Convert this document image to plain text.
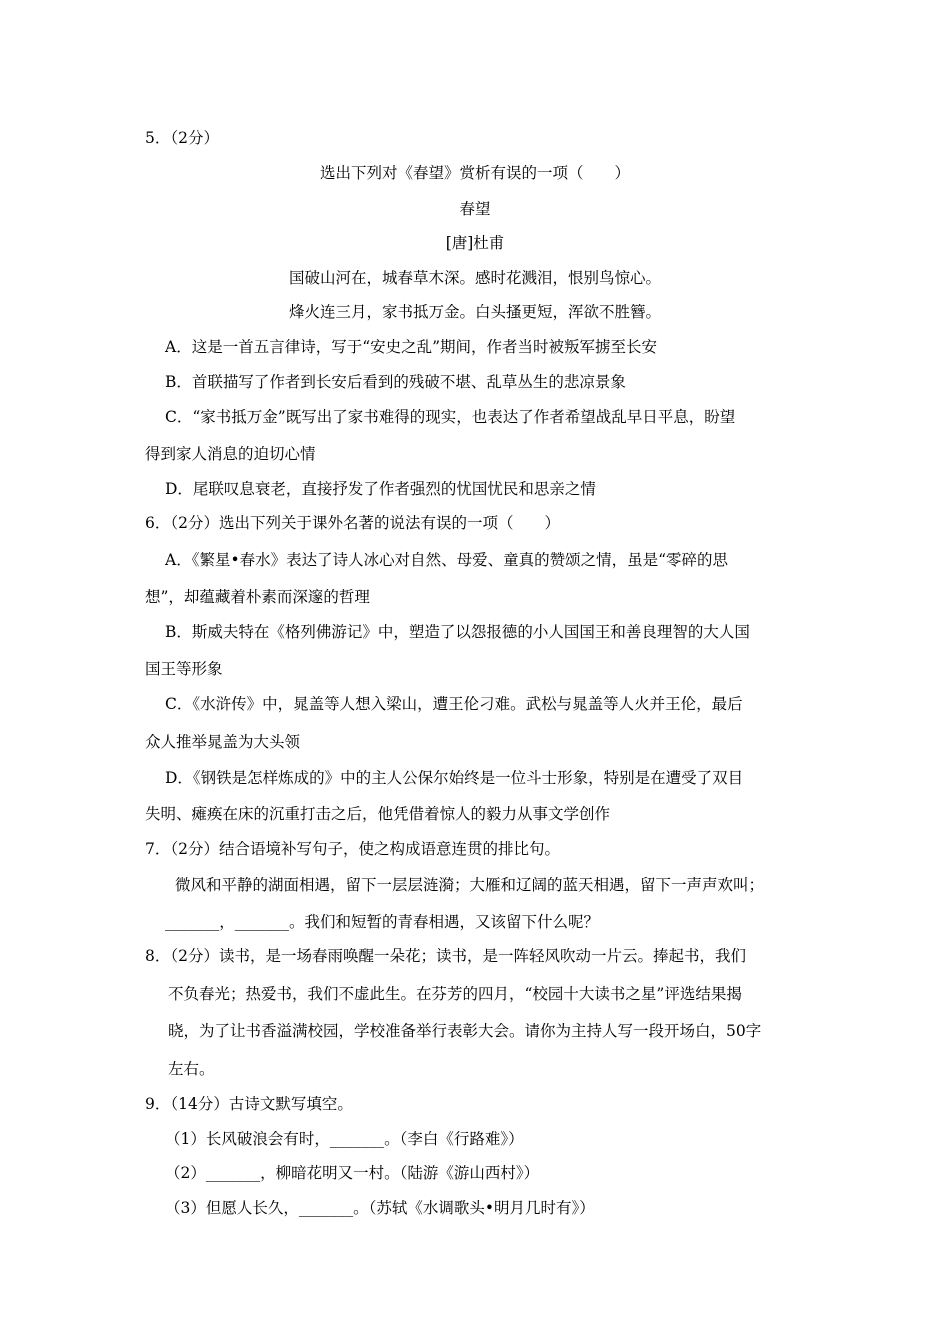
5．（2分）
选出下列对《春望》赏析有误的一项（　　）
春望
[唐]杜甫
国破山河在，城春草木深。感时花溅泪，恨别鸟惊心。
烽火连三月，家书抵万金。白头搔更短，浑欲不胜簪。
A．这是一首五言律诗，写于“安史之乱”期间，作者当时被叛军掳至长安
B．首联描写了作者到长安后看到的残破不堪、乱草丛生的悲凉景象
C．“家书抵万金”既写出了家书难得的现实，也表达了作者希望战乱早日平息，盼望
得到家人消息的迫切心情
D．尾联叹息衰老，直接抒发了作者强烈的忧国忧民和思亲之情
6．（2分）选出下列关于课外名著的说法有误的一项（　　）
A．《繁星•春水》表达了诗人冰心对自然、母爱、童真的赞颂之情，虽是“零碎的思
想”，却蕴藏着朴素而深邃的哲理
B．斯威夫特在《格列佛游记》中，塑造了以怨报德的小人国国王和善良理智的大人国
国王等形象
C．《水浒传》中，晁盖等人想入梁山，遭王伦刁难。武松与晁盖等人火并王伦，最后
众人推举晁盖为大头领
D．《钢铁是怎样炼成的》中的主人公保尔始终是一位斗士形象，特别是在遭受了双目
失明、瘫痪在床的沉重打击之后，他凭借着惊人的毅力从事文学创作
7．（2分）结合语境补写句子，使之构成语意连贯的排比句。
微风和平静的湖面相遇，留下一层层涟漪；大雁和辽阔的蓝天相遇，留下一声声欢叫；
_______，_______。我们和短暂的青春相遇，又该留下什么呢？
8．（2分）读书，是一场春雨唤醒一朵花；读书，是一阵轻风吹动一片云。捧起书，我们
不负春光；热爱书，我们不虚此生。在芬芳的四月，“校园十大读书之星”评选结果揭
晓，为了让书香溢满校园，学校准备举行表彰大会。请你为主持人写一段开场白，50字
左右。
9．（14分）古诗文默写填空。
（1）长风破浪会有时，_______。（李白《行路难》）
（2）_______，柳暗花明又一村。（陆游《游山西村》）
（3）但愿人长久，_______。（苏轼《水调歌头•明月几时有》）
